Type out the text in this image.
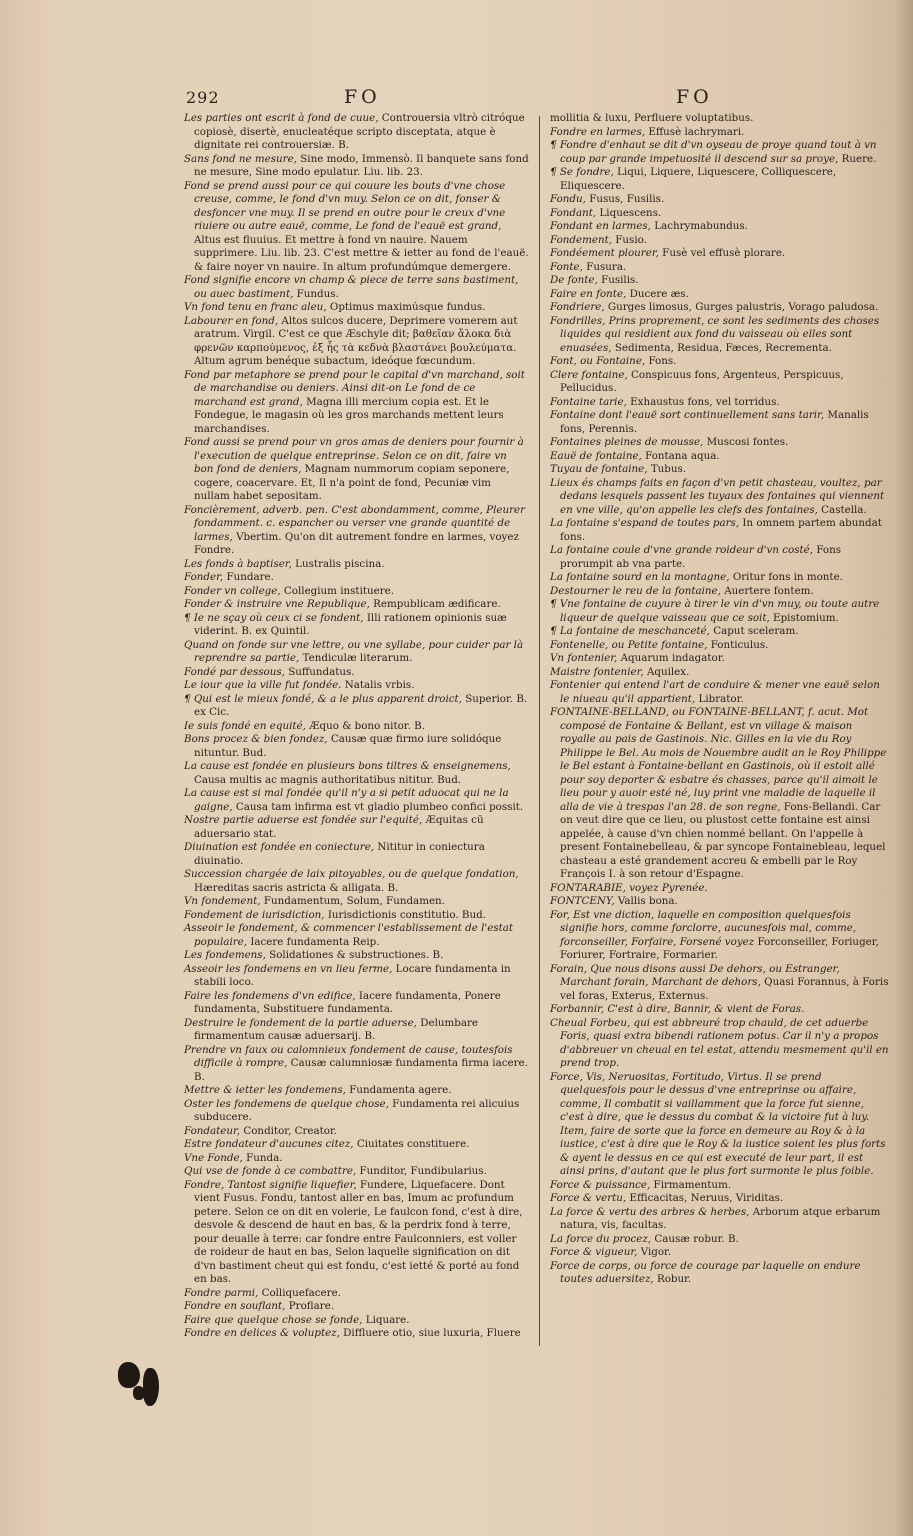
292	FO	FO

Les parties ont escrit à fond de cuue, Controuersia vltrò citróque copiosè, disertè, enucleatéque scripto disceptata, atque è dignitate rei controuersiæ. B.

Sans fond ne mesure, Sine modo, Immensò. Il banquete sans fond ne mesure, Sine modo epulatur. Liu. lib. 23.

Fond se prend aussi pour ce qui couure les bouts d'vne chose creuse, comme, le fond d'vn muy. Selon ce on dit, fonser & desfoncer vne muy. Il se prend en outre pour le creux d'vne riuiere ou autre eauë, comme, Le fond de l'eauë est grand, Altus est fluuius. Et mettre à fond vn nauire. Nauem supprimere. Liu. lib. 23. C'est mettre & ietter au fond de l'eauë. & faire noyer vn nauire. In altum profundúmque demergere.

Fond signifie encore vn champ & piece de terre sans bastiment, ou auec bastiment, Fundus.

Vn fond tenu en franc aleu, Optimus maximúsque fundus.

Labourer en fond, Altos sulcos ducere, Deprimere vomerem aut aratrum. Virgil. C'est ce que Æschyle dit; βαθεῖαν ἄλοκα διὰ φρενῶν καρπούμενος, ἐξ ἧς τὰ κεδνὰ βλαστάνει βουλεύματα. Altum agrum benéque subactum, ideóque fœcundum.

Fond par metaphore se prend pour le capital d'vn marchand, soit de marchandise ou deniers. Ainsi dit-on Le fond de ce marchand est grand, Magna illi mercium copia est. Et le Fondegue, le magasin où les gros marchands mettent leurs marchandises.

Fond aussi se prend pour vn gros amas de deniers pour fournir à l'execution de quelque entreprinse. Selon ce on dit, faire vn bon fond de deniers, Magnam nummorum copiam seponere, cogere, coacervare. Et, Il n'a point de fond, Pecuniæ vim nullam habet sepositam.

Foncièrement, adverb. pen. C'est abondamment, comme, Pleurer fondamment. c. espancher ou verser vne grande quantité de larmes, Vbertim. Qu'on dit autrement fondre en larmes, voyez Fondre.

Les fonds à baptiser, Lustralis piscina.

Fonder, Fundare.

Fonder vn college, Collegium instituere.

Fonder & instruire vne Republique, Rempublicam ædificare.

¶ Ie ne sçay où ceux ci se fondent, Illi rationem opinionis suæ viderint. B. ex Quintil.

Quand on fonde sur vne lettre, ou vne syllabe, pour cuider par là reprendre sa partie, Tendiculæ literarum.

Fondé par dessous, Suffundatus.

Le iour que la ville fut fondée. Natalis vrbis.

¶ Qui est le mieux fondé, & a le plus apparent droict, Superior. B. ex Cic.

Ie suis fondé en equité, Æquo & bono nitor. B.

Bons procez & bien fondez, Causæ quæ firmo iure solidóque nituntur. Bud.

La cause est fondée en plusieurs bons tiltres & enseignemens, Causa multis ac magnis authoritatibus nititur. Bud.

La cause est si mal fondée qu'il n'y a si petit aduocat qui ne la gaigne, Causa tam infirma est vt gladio plumbeo confici possit.

Nostre partie aduerse est fondée sur l'equité, Æquitas cū aduersario stat.

Diuination est fondée en coniecture, Nititur in coniectura diuinatio.

Succession chargée de laix pitoyables, ou de quelque fondation, Hæreditas sacris astricta & alligata. B.

Vn fondement, Fundamentum, Solum, Fundamen.

Fondement de iurisdiction, Iurisdictionis constitutio. Bud.

Asseoir le fondement, & commencer l'establissement de l'estat populaire, Iacere fundamenta Reip.

Les fondemens, Solidationes & substructiones. B.

Asseoir les fondemens en vn lieu ferme, Locare fundamenta in stabili loco.

Faire les fondemens d'vn edifice, Iacere fundamenta, Ponere fundamenta, Substituere fundamenta.

Destruire le fondement de la partie aduerse, Delumbare firmamentum causæ aduersarij. B.

Prendre vn faux ou calomnieux fondement de cause, toutesfois difficile à rompre, Causæ calumniosæ fundamenta firma iacere. B.

Mettre & ietter les fondemens, Fundamenta agere.

Oster les fondemens de quelque chose, Fundamenta rei alicuius subducere.

Fondateur, Conditor, Creator.

Estre fondateur d'aucunes citez, Ciuitates constituere.

Vne Fonde, Funda.

Qui vse de fonde à ce combattre, Funditor, Fundibularius.

Fondre, Tantost signifie liquefier, Fundere, Liquefacere. Dont vient Fusus. Fondu, tantost aller en bas, Imum ac profundum petere. Selon ce on dit en volerie, Le faulcon fond, c'est à dire, desvole & descend de haut en bas, & la perdrix fond à terre, pour deualle à terre: car fondre entre Faulconniers, est voller de roideur de haut en bas, Selon laquelle signification on dit d'vn bastiment cheut qui est fondu, c'est ietté & porté au fond en bas.

Fondre parmi, Colliquefacere.

Fondre en souflant, Proflare.

Faire que quelque chose se fonde, Liquare.

Fondre en delices & voluptez, Diffluere otio, siue luxuria, Fluere

mollitia & luxu, Perfluere voluptatibus.

Fondre en larmes, Effusè lachrymari.

¶ Fondre d'enhaut se dit d'vn oyseau de proye quand tout à vn coup par grande impetuosité il descend sur sa proye, Ruere.

¶ Se fondre, Liqui, Liquere, Liquescere, Colliquescere, Eliquescere.

Fondu, Fusus, Fusilis.

Fondant, Liquescens.

Fondant en larmes, Lachrymabundus.

Fondement, Fusio.

Fondéement plourer, Fusè vel effusè plorare.

Fonte, Fusura.

De fonte, Fusilis.

Faire en fonte, Ducere æs.

Fondriere, Gurges limosus, Gurges palustris, Vorago paludosa.

Fondrilles, Prins proprement, ce sont les sediments des choses liquides qui residient aux fond du vaisseau où elles sont enuasées, Sedimenta, Residua, Fæces, Recrementa.

Font, ou Fontaine, Fons.

Clere fontaine, Conspicuus fons, Argenteus, Perspicuus, Pellucidus.

Fontaine tarie, Exhaustus fons, vel torridus.

Fontaine dont l'eauë sort continuellement sans tarir, Manalis fons, Perennis.

Fontaines pleines de mousse, Muscosi fontes.

Eauë de fontaine, Fontana aqua.

Tuyau de fontaine, Tubus.

Lieux és champs faits en façon d'vn petit chasteau, voultez, par dedans lesquels passent les tuyaux des fontaines qui viennent en vne ville, qu'on appelle les clefs des fontaines, Castella.

La fontaine s'espand de toutes pars, In omnem partem abundat fons.

La fontaine coule d'vne grande roideur d'vn costé, Fons prorumpit ab vna parte.

La fontaine sourd en la montagne, Oritur fons in monte.

Destourner le reu de la fontaine, Auertere fontem.

¶ Vne fontaine de cuyure à tirer le vin d'vn muy, ou toute autre liqueur de quelque vaisseau que ce soit, Epistomium.

¶ La fontaine de meschanceté, Caput sceleram.

Fontenelle, ou Petite fontaine, Fonticulus.

Vn fontenier, Aquarum indagator.

Maistre fontenier, Aquilex.

Fontenier qui entend l'art de conduire & mener vne eauë selon le niueau qu'il appartient, Librator.

FONTAINE-BELLAND, ou FONTAINE-BELLANT, f. acut. Mot composé de Fontaine & Bellant, est vn village & maison royalle au pais de Gastinois. Nic. Gilles en la vie du Roy Philippe le Bel. Au mois de Nouembre audit an le Roy Philippe le Bel estant à Fontaine-bellant en Gastinois, où il estoit allé pour soy deporter & esbatre és chasses, parce qu'il aimoit le lieu pour y auoir esté né, luy print vne maladie de laquelle il alla de vie à trespas l'an 28. de son regne, Fons-Bellandi. Car on veut dire que ce lieu, ou plustost cette fontaine est ainsi appelée, à cause d'vn chien nommé bellant. On l'appelle à present Fontainebelleau, & par syncope Fontainebleau, lequel chasteau a esté grandement accreu & embelli par le Roy François I. à son retour d'Espagne.

FONTARABIE, voyez Pyrenée.

FONTCENY, Vallis bona.

For, Est vne diction, laquelle en composition quelquesfois signifie hors, comme forclorre, aucunesfois mal, comme, forconseiller, Forfaire, Forsené voyez Forconseiller, Foriuger, Foriurer, Fortraire, Formarier.

Forain, Que nous disons aussi De dehors, ou Estranger, Marchant forain, Marchant de dehors, Quasi Forannus, à Foris vel foras, Exterus, Externus.

Forbannir, C'est à dire, Bannir, & vient de Foras.

Cheual Forbeu, qui est abbreuré trop chauld, de cet aduerbe Foris, quasi extra bibendi rationem potus. Car il n'y a propos d'abbreuer vn cheual en tel estat, attendu mesmement qu'il en prend trop.

Force, Vis, Neruositas, Fortitudo, Virtus. Il se prend quelquesfois pour le dessus d'vne entreprinse ou affaire, comme, Il combatit si vaillamment que la force fut sienne, c'est à dire, que le dessus du combat & la victoire fut à luy. Item, faire de sorte que la force en demeure au Roy & à la iustice, c'est à dire que le Roy & la iustice soient les plus forts & ayent le dessus en ce qui est executé de leur part, il est ainsi prins, d'autant que le plus fort surmonte le plus foible.

Force & puissance, Firmamentum.

Force & vertu, Efficacitas, Neruus, Viriditas.

La force & vertu des arbres & herbes, Arborum atque erbarum natura, vis, facultas.

La force du procez, Causæ robur. B.

Force & vigueur, Vigor.

Force de corps, ou force de courage par laquelle on endure toutes aduersitez, Robur.
